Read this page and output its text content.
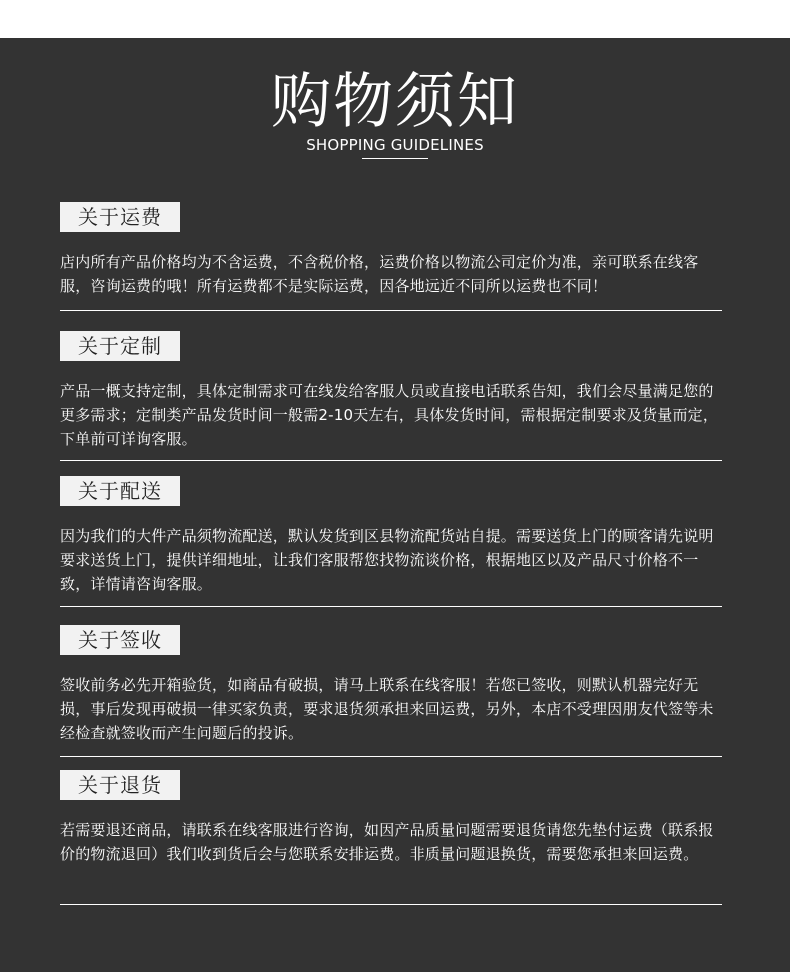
购物须知
SHOPPING GUIDELINES
关于运费
店内所有产品价格均为不含运费，不含税价格，运费价格以物流公司定价为准，亲可联系在线客服，咨询运费的哦！所有运费都不是实际运费，因各地远近不同所以运费也不同！
关于定制
产品一概支持定制，具体定制需求可在线发给客服人员或直接电话联系告知，我们会尽量满足您的更多需求；定制类产品发货时间一般需2-10天左右，具体发货时间，需根据定制要求及货量而定，下单前可详询客服。
关于配送
因为我们的大件产品须物流配送，默认发货到区县物流配货站自提。需要送货上门的顾客请先说明要求送货上门，提供详细地址，让我们客服帮您找物流谈价格，根据地区以及产品尺寸价格不一致，详情请咨询客服。
关于签收
签收前务必先开箱验货，如商品有破损，请马上联系在线客服！若您已签收，则默认机器完好无损，事后发现再破损一律买家负责，要求退货须承担来回运费，另外，本店不受理因朋友代签等未经检查就签收而产生问题后的投诉。
关于退货
若需要退还商品，请联系在线客服进行咨询，如因产品质量问题需要退货请您先垫付运费（联系报价的物流退回）我们收到货后会与您联系安排运费。非质量问题退换货，需要您承担来回运费。
